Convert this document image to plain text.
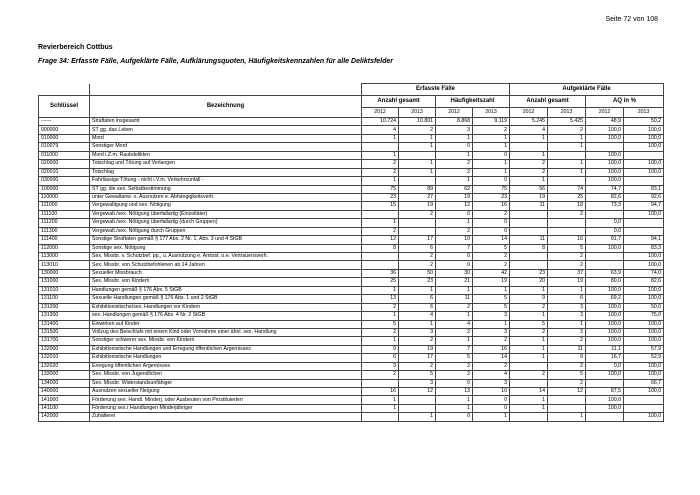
Seite 72 von 108
Revierbereich Cottbus
Frage 34: Erfasste Fälle, Aufgeklärte Fälle, Aufklärungsquoten, Häufigkeitskennzahlen für alle Deliktsfelder
		Erfasste Fälle				Aufgeklärte Fälle			
Schlüssel	Bezeichnung	Anzahl gesamt		Häufigkeitszahl		Anzahl gesamt		AQ in %	
		2012	2013	2012	2013	2012	2013	2012	2013
------	Straftaten insgesamt	10.724	10.801	8.868	9.119	5.245	5.425	48,9	50,2
000000	ST gg. das Leben	4	2	3	2	4	2	100,0	100,0
010000	Mord	1	1	1	1	1	1	100,0	100,0
010079	Sonstiger Mord		1	0	1		1		100,0
011000	Mord i.Z.m. Raubdelikten	1		1	0	1		100,0	
020000	Totschlag und Tötung auf Verlangen	2	1	2	1	2	1	100,0	100,0
020010	Totschlag	2	1	2	1	2	1	100,0	100,0
030000	Fahrlässige Tötung - nicht i.V.m. Verkehrsunfall -	1		1	0	1		100,0	
100000	ST gg. die sex. Selbstbestimmung	75	89	62	75	56	74	74,7	83,1
110000	unter Gewaltanw. o. Ausnutzen e. Abhängigkeitsverh.	23	27	19	23	19	25	82,6	92,6
111000	Vergewaltigung und sex. Nötigung	15	19	12	16	11	18	73,3	94,7
111100	Vergewalt./sex. Nötigung überfallartig (Einzeltäter)		2	0	2		2		100,0
111200	Vergewalt./sex. Nötigung überfallartig (durch Gruppen)	1		1	0			0,0	
111300	Vergewalt./sex. Nötigung durch Gruppen	2		2	0			0,0	
111400	Sonstige Straftaten gemäß § 177 Abs. 2 Nr. 1, Abs. 3 und 4 StGB	12	17	10	14	11	16	91,7	94,1
112000	Sonstige sex. Nötigung	8	6	7	5	8	5	100,0	83,3
113000	Sex. Missbr. v. Schutzbef. pp., u. Ausnutzung e. Amtsst. o.e. Vertrauensverh.		2	0	2		2		100,0
113010	Sex. Missbr. von Schutzbefohlenen ab 14 Jahren		2	0	2		2		100,0
130000	Sexueller Missbrauch	36	50	30	42	23	37	63,9	74,0
131000	Sex. Missbr. von Kindern	25	23	21	19	20	19	80,0	82,6
131010	Handlungen gemäß § 176 Abs. 5 StGB	1	1	1	1	1	1	100,0	100,0
131100	Sexuelle Handlungen gemäß § 176 Abs. 1 und 2 StGB	13	6	11	5	9	6	69,2	100,0
131200	Exhibitionistische/sex. Handlungen vor Kindern	2	6	2	5	2	3	100,0	50,0
131300	sex. Handlungen gemäß § 176 Abs. 4 Nr. 2 StGB	1	4	1	3	1	3	100,0	75,0
131400	Einwirken auf Kinder	5	1	4	1	5	1	100,0	100,0
131500	Vollzug des Beischlafs mit einem Kind oder Vornahme einer ähnl. sex. Handlung	2	3	2	3	2	3	100,0	100,0
131700	Sonstiger schwerer sex. Missbr. von Kindern	1	2	1	2	1	2	100,0	100,0
132000	Exhibitionistische Handlungen und Erregung öffentlichen Ärgernisses	9	19	7	16	1	11	11,1	57,9
132010	Exhibitionistische Handlungen	6	17	5	14	1	9	16,7	52,9
132020	Erregung öffentlichen Ärgernisses	3	2	2	2		2	0,0	100,0
133000	Sex. Missbr. von Jugendlichen	2	5	2	4	2	5	100,0	100,0
134000	Sex. Missbr. Widerstandsunfähiger		3	0	3		2		66,7
140000	Ausnutzen sexueller Neigung	16	12	13	10	14	12	87,5	100,0
141000	Förderung sex. Handl. Minderj. oder Ausbeuten von Prostituierten	1		1	0	1		100,0	
141100	Förderung sex.r Handlungen Minderjähriger	1		1	0	1		100,0	
142000	Zuhälterei		1	0	1		1		100,0
